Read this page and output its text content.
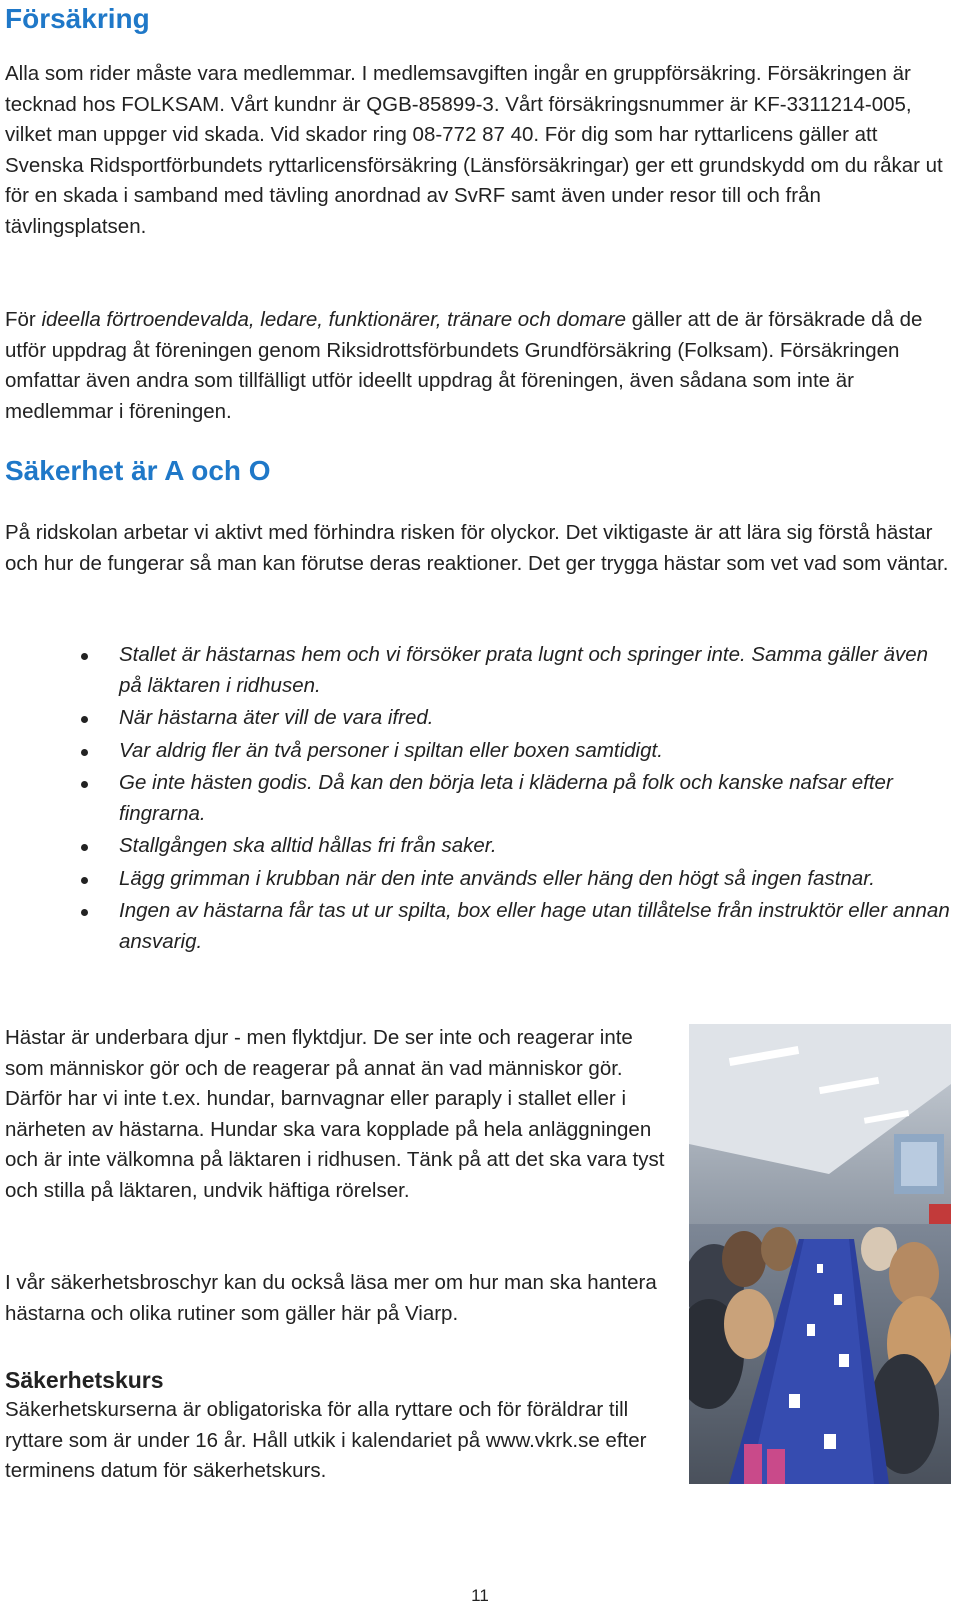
Försäkring

Alla som rider måste vara medlemmar. I medlemsavgiften ingår en gruppförsäkring. Försäkringen är tecknad hos FOLKSAM. Vårt kundnr är QGB-85899-3. Vårt försäkringsnummer är KF-3311214-005, vilket man uppger vid skada. Vid skador ring 08-772 87 40. För dig som har ryttarlicens gäller att Svenska Ridsportförbundets ryttarlicensförsäkring (Länsförsäkringar) ger ett grundskydd om du råkar ut för en skada i samband med tävling anordnad av SvRF samt även under resor till och från tävlingsplatsen.

För ideella förtroendevalda, ledare, funktionärer, tränare och domare gäller att de är försäkrade då de utför uppdrag åt föreningen genom Riksidrottsförbundets Grundförsäkring (Folksam). Försäkringen omfattar även andra som tillfälligt utför ideellt uppdrag åt föreningen, även sådana som inte är medlemmar i föreningen.

Säkerhet är A och O

På ridskolan arbetar vi aktivt med förhindra risken för olyckor. Det viktigaste är att lära sig förstå hästar och hur de fungerar så man kan förutse deras reaktioner. Det ger trygga hästar som vet vad som väntar.

Stallet är hästarnas hem och vi försöker prata lugnt och springer inte. Samma gäller även på läktaren i ridhusen.
När hästarna äter vill de vara ifred.
Var aldrig fler än två personer i spiltan eller boxen samtidigt.
Ge inte hästen godis. Då kan den börja leta i kläderna på folk och kanske nafsar efter fingrarna.
Stallgången ska alltid hållas fri från saker.
Lägg grimman i krubban när den inte används eller häng den högt så ingen fastnar.
Ingen av hästarna får tas ut ur spilta, box eller hage utan tillåtelse från instruktör eller annan ansvarig.

Hästar är underbara djur - men flyktdjur. De ser inte och reagerar inte som människor gör och de reagerar på annat än vad människor gör. Därför har vi inte t.ex. hundar, barnvagnar eller paraply i stallet eller i närheten av hästarna. Hundar ska vara kopplade på hela anläggningen och är inte välkomna på läktaren i ridhusen. Tänk på att det ska vara tyst och stilla på läktaren, undvik häftiga rörelser.

I vår säkerhetsbroschyr kan du också läsa mer om hur man ska hantera hästarna och olika rutiner som gäller här på Viarp.

Säkerhetskurs

Säkerhetskurserna är obligatoriska för alla ryttare och för föräldrar till ryttare som är under 16 år. Håll utkik i kalendariet på www.vkrk.se efter terminens datum för säkerhetskurs.

11
